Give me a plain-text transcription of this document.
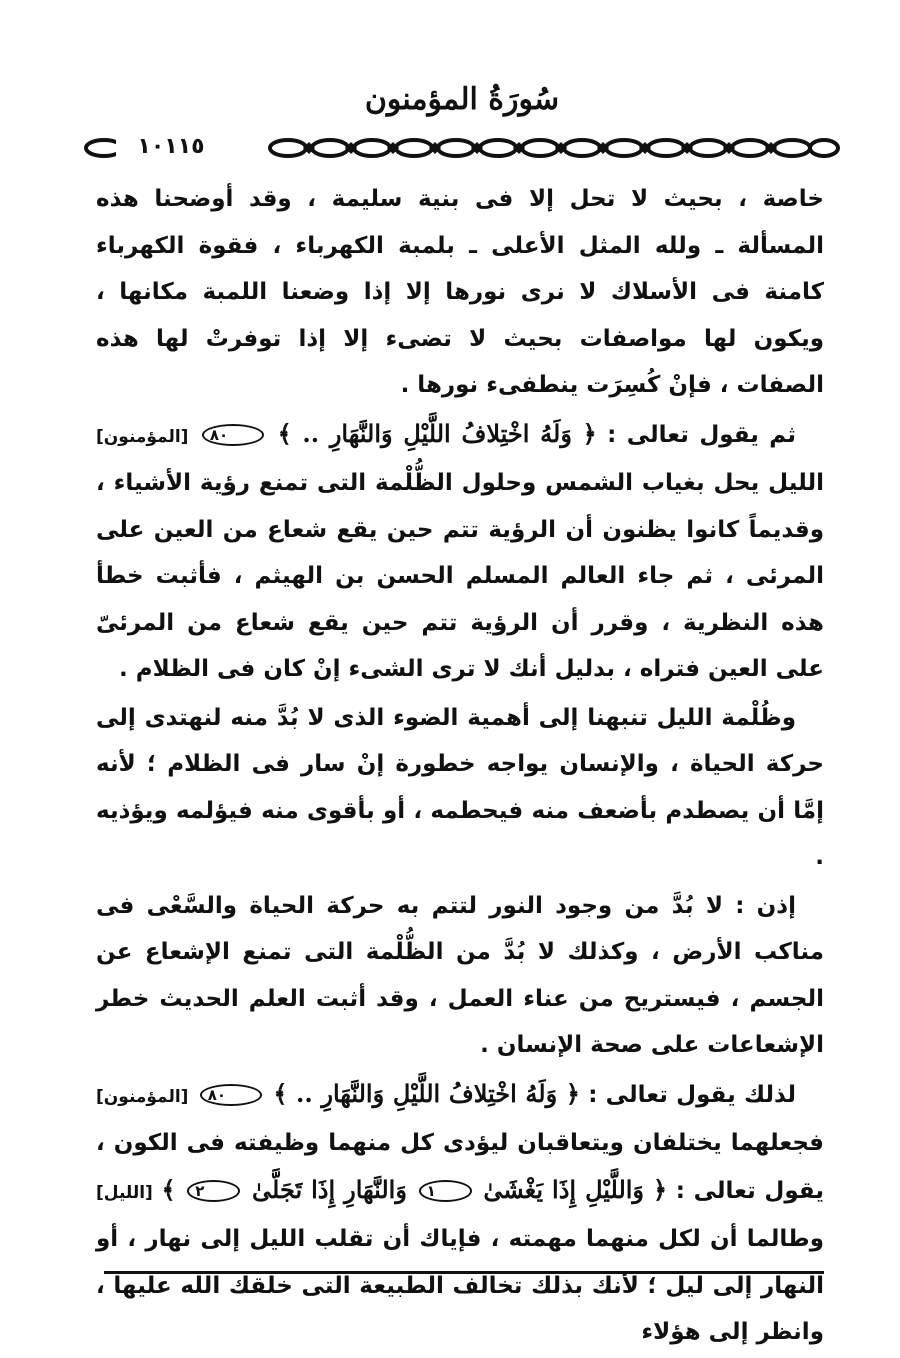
سُورَةُ المؤمنون
١٠١١٥

خاصة ، بحيث لا تحل إلا فى بنية سليمة ، وقد أوضحنا هذه المسألة ـ ولله المثل الأعلى ـ بلمبة الكهرباء ، فقوة الكهرباء كامنة فى الأسلاك لا نرى نورها إلا إذا وضعنا اللمبة مكانها ، ويكون لها مواصفات بحيث لا تضىء إلا إذا توفرتْ لها هذه الصفات ، فإنْ كُسِرَت ينطفىء نورها .

ثم يقول تعالى : ﴿ وَلَهُ اخْتِلافُ اللَّيْلِ وَالنَّهَارِ .. ﴾ ٨٠ [المؤمنون] الليل يحل بغياب الشمس وحلول الظُّلْمة التى تمنع رؤية الأشياء ، وقديماً كانوا يظنون أن الرؤية تتم حين يقع شعاع من العين على المرئى ، ثم جاء العالم المسلم الحسن بن الهيثم ، فأثبت خطأ هذه النظرية ، وقرر أن الرؤية تتم حين يقع شعاع من المرئىّ على العين فتراه ، بدليل أنك لا ترى الشىء إنْ كان فى الظلام .

وظُلْمة الليل تنبهنا إلى أهمية الضوء الذى لا بُدَّ منه لنهتدى إلى حركة الحياة ، والإنسان يواجه خطورة إنْ سار فى الظلام ؛ لأنه إمَّا أن يصطدم بأضعف منه فيحطمه ، أو بأقوى منه فيؤلمه ويؤذيه .

إذن : لا بُدَّ من وجود النور لتتم به حركة الحياة والسَّعْى فى مناكب الأرض ، وكذلك لا بُدَّ من الظُّلْمة التى تمنع الإشعاع عن الجسم ، فيستريح من عناء العمل ، وقد أثبت العلم الحديث خطر الإشعاعات على صحة الإنسان .

لذلك يقول تعالى : ﴿ وَلَهُ اخْتِلافُ اللَّيْلِ وَالنَّهَارِ .. ﴾ ٨٠ [المؤمنون] فجعلهما يختلفان ويتعاقبان ليؤدى كل منهما وظيفته فى الكون ، يقول تعالى : ﴿ وَاللَّيْلِ إِذَا يَغْشَىٰ ١ وَالنَّهَارِ إِذَا تَجَلَّىٰ ٢ ﴾ [الليل] وطالما أن لكل منهما مهمته ، فإياك أن تقلب الليل إلى نهار ، أو النهار إلى ليل ؛ لأنك بذلك تخالف الطبيعة التى خلقك الله عليها ، وانظر إلى هؤلاء
